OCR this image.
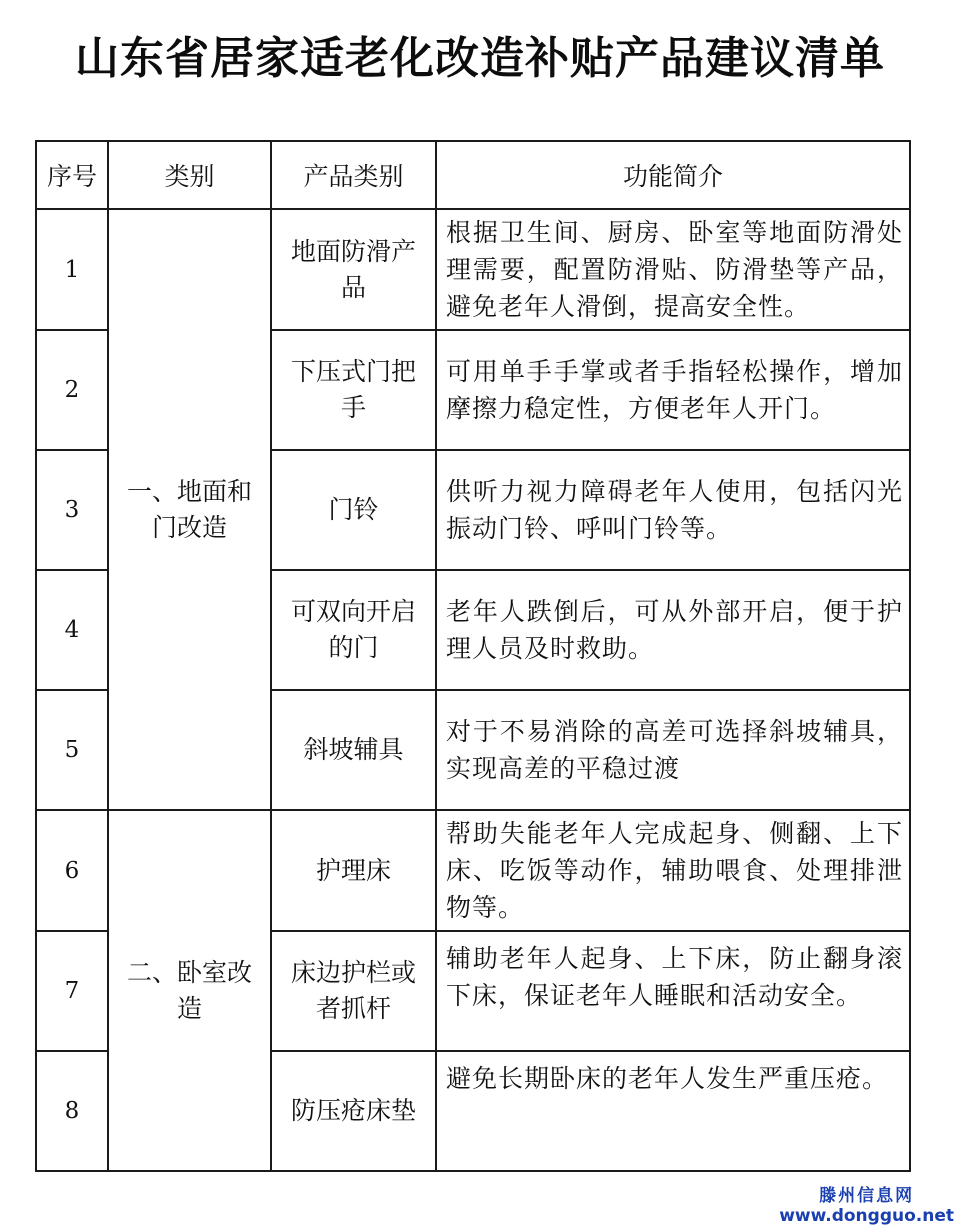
山东省居家适老化改造补贴产品建议清单
序号	类别	产品类别	功能简介
1	一、地面和门改造	地面防滑产品	根据卫生间、厨房、卧室等地面防滑处理需要，配置防滑贴、防滑垫等产品，避免老年人滑倒，提高安全性。
2		下压式门把手	可用单手手掌或者手指轻松操作，增加摩擦力稳定性，方便老年人开门。
3		门铃	供听力视力障碍老年人使用，包括闪光振动门铃、呼叫门铃等。
4		可双向开启的门	老年人跌倒后，可从外部开启，便于护理人员及时救助。
5		斜坡辅具	对于不易消除的高差可选择斜坡辅具，实现高差的平稳过渡
6	二、卧室改造	护理床	帮助失能老年人完成起身、侧翻、上下床、吃饭等动作，辅助喂食、处理排泄物等。
7		床边护栏或者抓杆	辅助老年人起身、上下床，防止翻身滚下床，保证老年人睡眠和活动安全。
8		防压疮床垫	避免长期卧床的老年人发生严重压疮。
滕州信息网
www.dongguo.net
